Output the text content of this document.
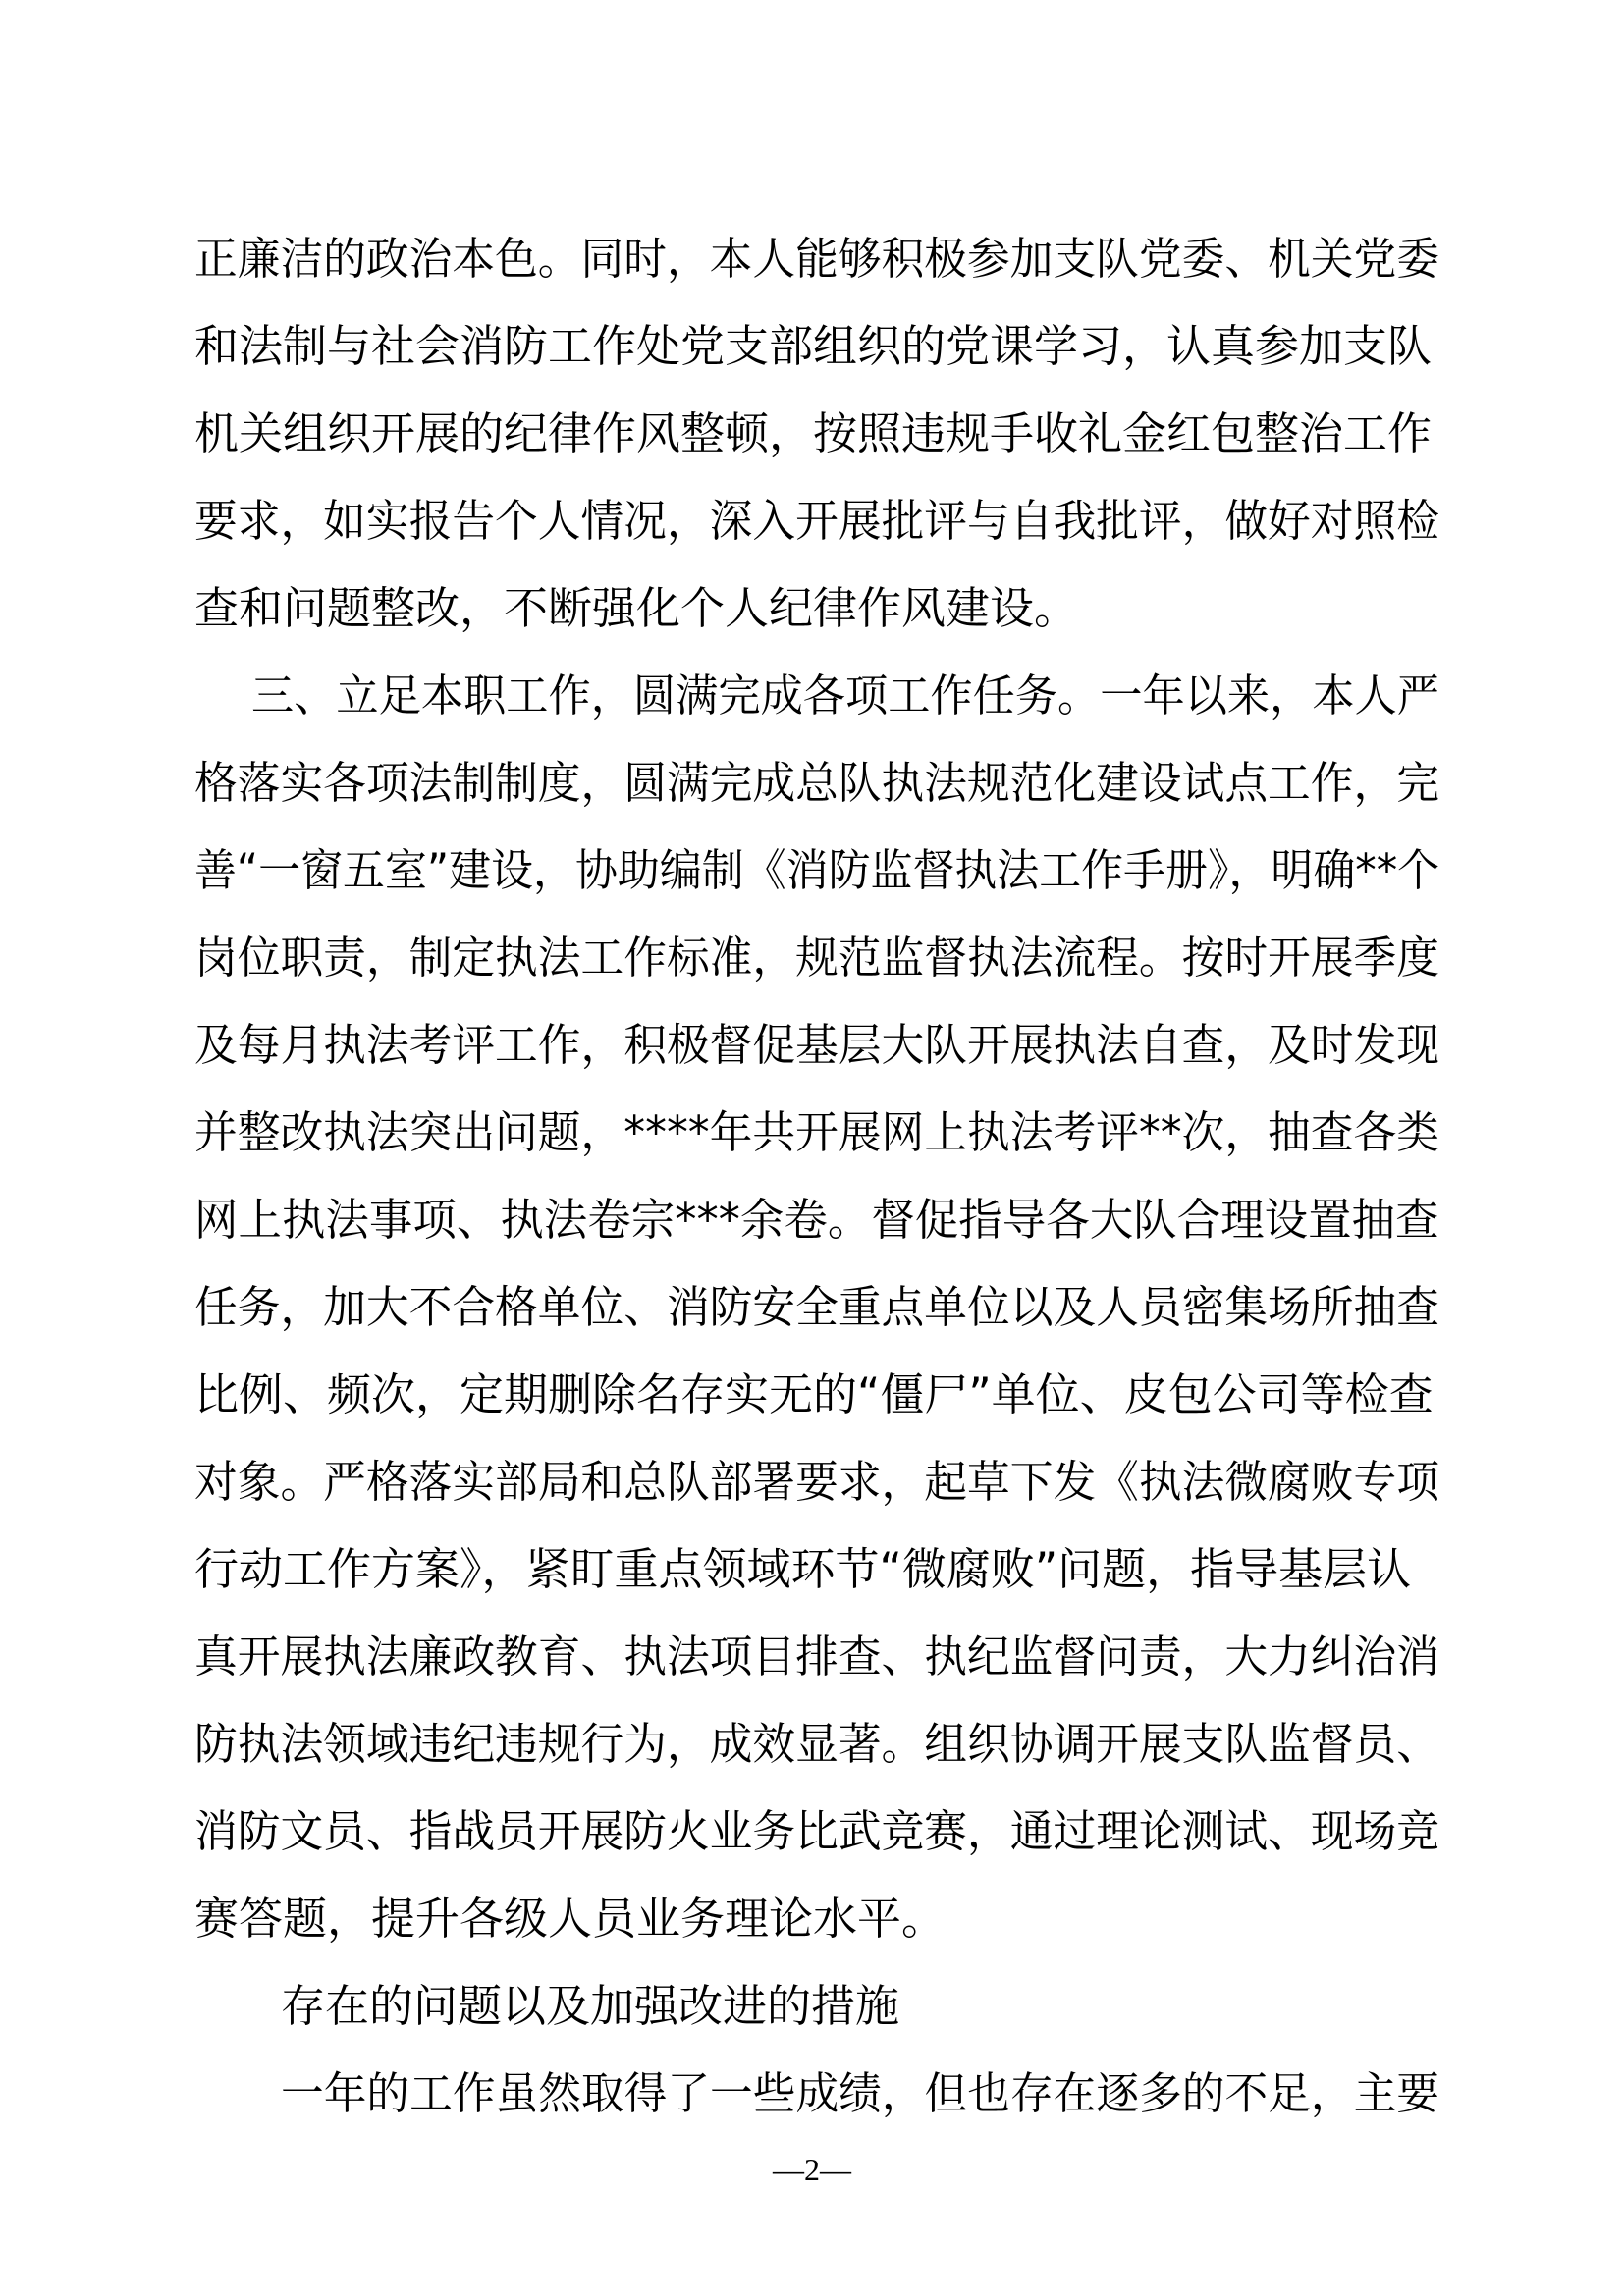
正廉洁的政治本色。同时，本人能够积极参加支队党委、机关党委
和法制与社会消防工作处党支部组织的党课学习，认真参加支队
机关组织开展的纪律作风整顿，按照违规手收礼金红包整治工作
要求，如实报告个人情况，深入开展批评与自我批评，做好对照检
查和问题整改，不断强化个人纪律作风建设。
三、立足本职工作，圆满完成各项工作任务。一年以来，本人严
格落实各项法制制度，圆满完成总队执法规范化建设试点工作，完
善“一窗五室”建设，协助编制《消防监督执法工作手册》，明确**个
岗位职责，制定执法工作标准，规范监督执法流程。按时开展季度
及每月执法考评工作，积极督促基层大队开展执法自查，及时发现
并整改执法突出问题，****年共开展网上执法考评**次，抽查各类
网上执法事项、执法卷宗***余卷。督促指导各大队合理设置抽查
任务，加大不合格单位、消防安全重点单位以及人员密集场所抽查
比例、频次，定期删除名存实无的“僵尸”单位、皮包公司等检查
对象。严格落实部局和总队部署要求，起草下发《执法微腐败专项
行动工作方案》，紧盯重点领域环节“微腐败”问题，指导基层认
真开展执法廉政教育、执法项目排查、执纪监督问责，大力纠治消
防执法领域违纪违规行为，成效显著。组织协调开展支队监督员、
消防文员、指战员开展防火业务比武竞赛，通过理论测试、现场竞
赛答题，提升各级人员业务理论水平。
存在的问题以及加强改进的措施
一年的工作虽然取得了一些成绩，但也存在逐多的不足，主要
—2—
